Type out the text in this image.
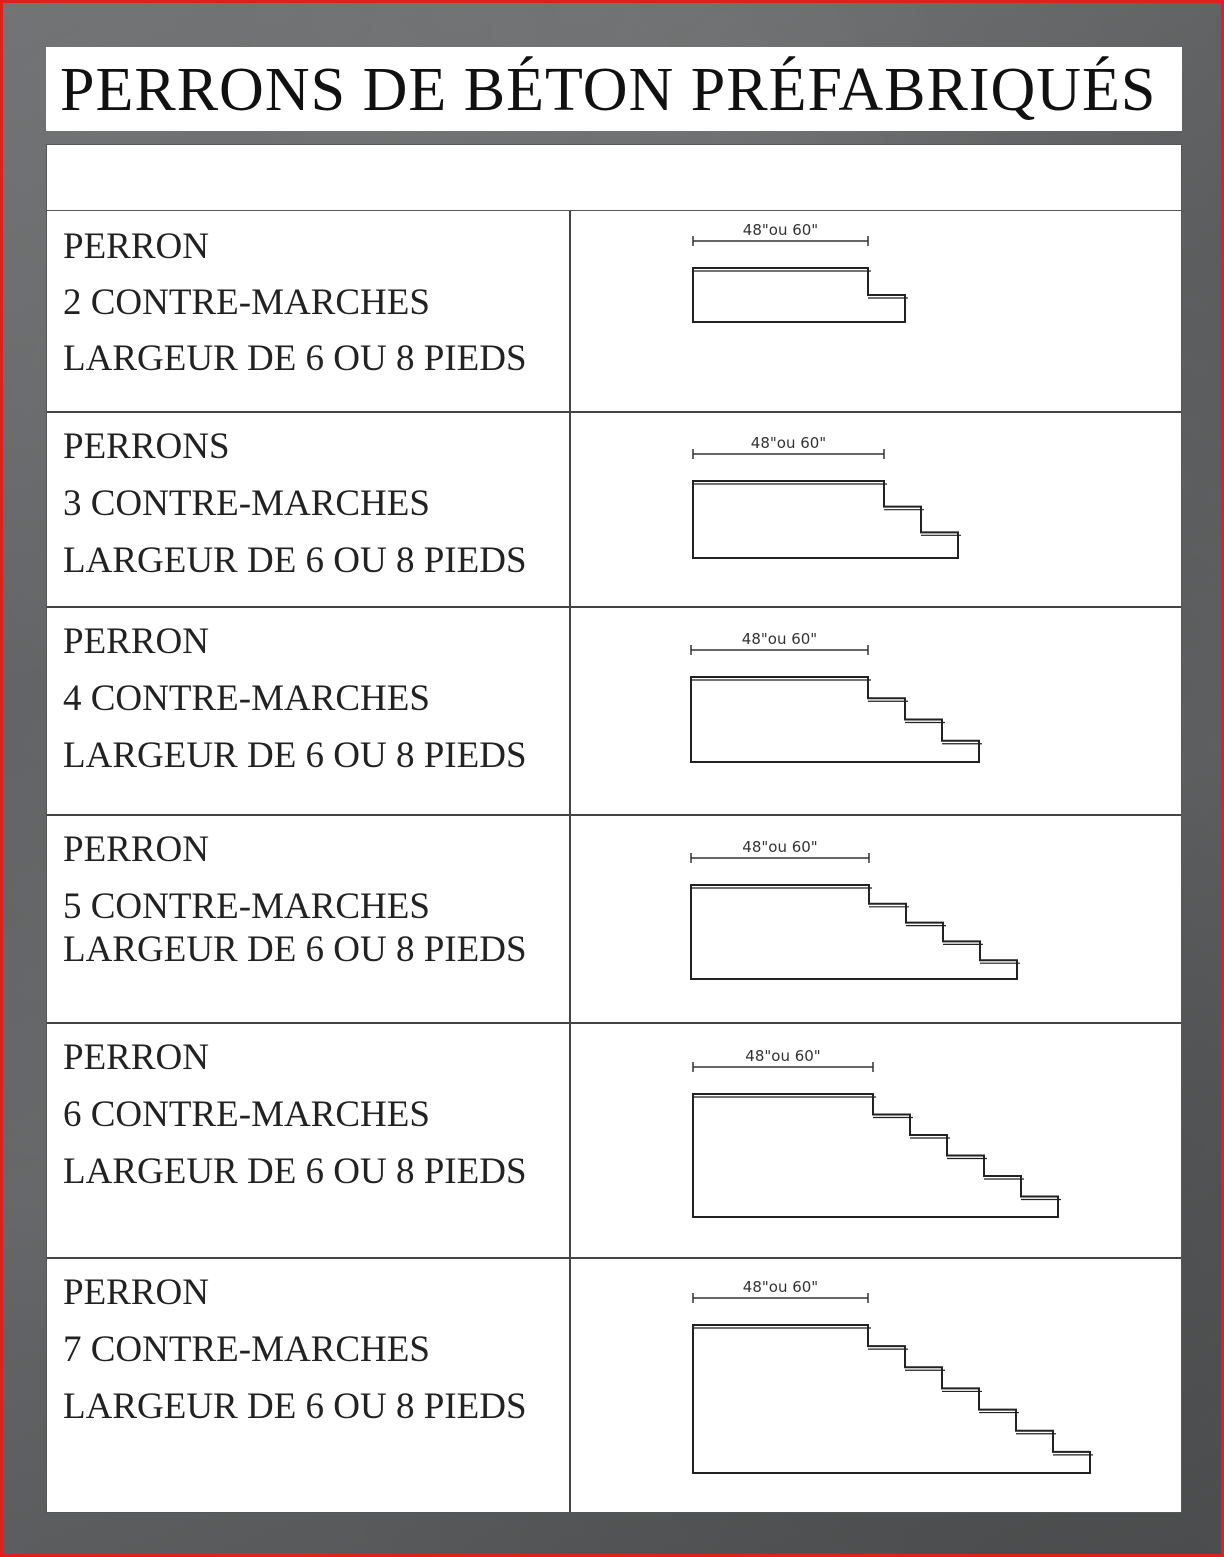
PERRONS DE BÉTON PRÉFABRIQUÉS

PERRON

2 CONTRE-MARCHES

LARGEUR DE 6 OU 8 PIEDS

48"ou 60"

PERRONS

3 CONTRE-MARCHES

LARGEUR DE 6 OU 8 PIEDS

48"ou 60"

PERRON

4 CONTRE-MARCHES

LARGEUR DE 6 OU 8 PIEDS

48"ou 60"

PERRON

5 CONTRE-MARCHES

LARGEUR DE 6 OU 8 PIEDS

48"ou 60"

PERRON

6 CONTRE-MARCHES

LARGEUR DE 6 OU 8 PIEDS

48"ou 60"

PERRON

7 CONTRE-MARCHES

LARGEUR DE 6 OU 8 PIEDS

48"ou 60"
